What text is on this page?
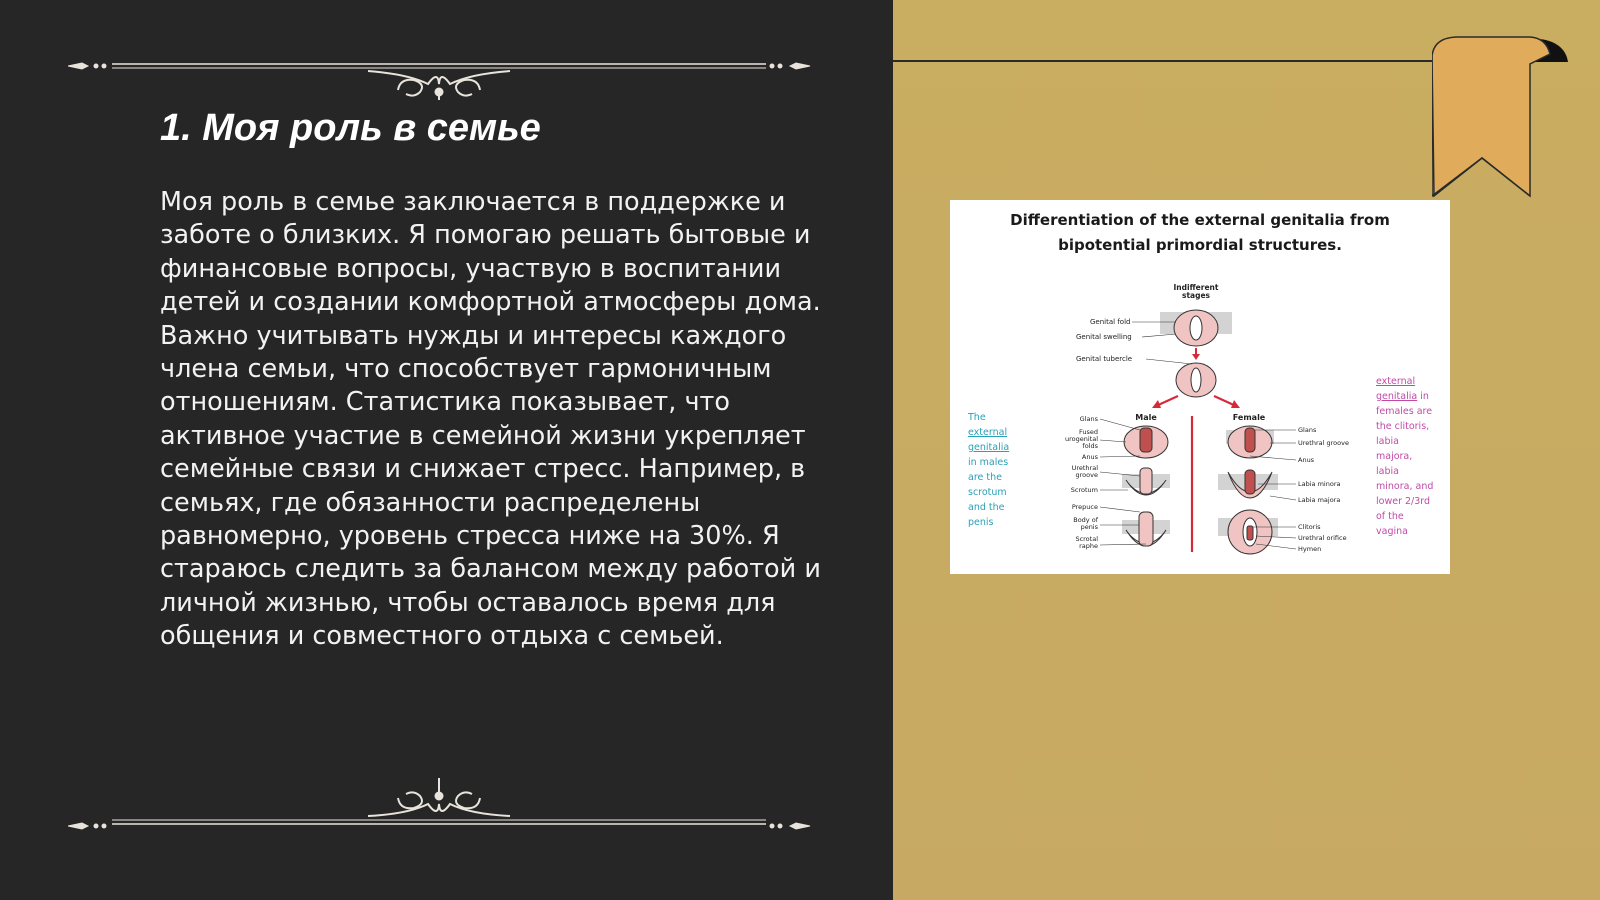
1. Моя роль в семье

Моя роль в семье заключается в поддержке и заботе о близких. Я помогаю решать бытовые и финансовые вопросы, участвую в воспитании детей и создании комфортной атмосферы дома. Важно учитывать нужды и интересы каждого члена семьи, что способствует гармоничным отношениям. Статистика показывает, что активное участие в семейной жизни укрепляет семейные связи и снижает стресс. Например, в семьях, где обязанности распределены равномерно, уровень стресса ниже на 30%. Я стараюсь следить за балансом между работой и личной жизнью, чтобы оставалось время для общения и совместного отдыха с семьей.

Differentiation of the external genitalia from
bipotential primordial structures.
Indifferent
stages
Genital fold
Genital swelling
Genital tubercle
Male	Female
Glans
Fused
urogenital
folds
Anus
Urethral
groove
Scrotum
Prepuce
Body of
penis
Scrotal
raphe
Glans
Urethral groove
Anus
Labia minora
Labia majora
Clitoris
Urethral orifice
Hymen
The external genitalia in males are the scrotum and the penis
external genitalia in females are the clitoris, labia majora, labia minora, and lower 2/3rd of the vagina
